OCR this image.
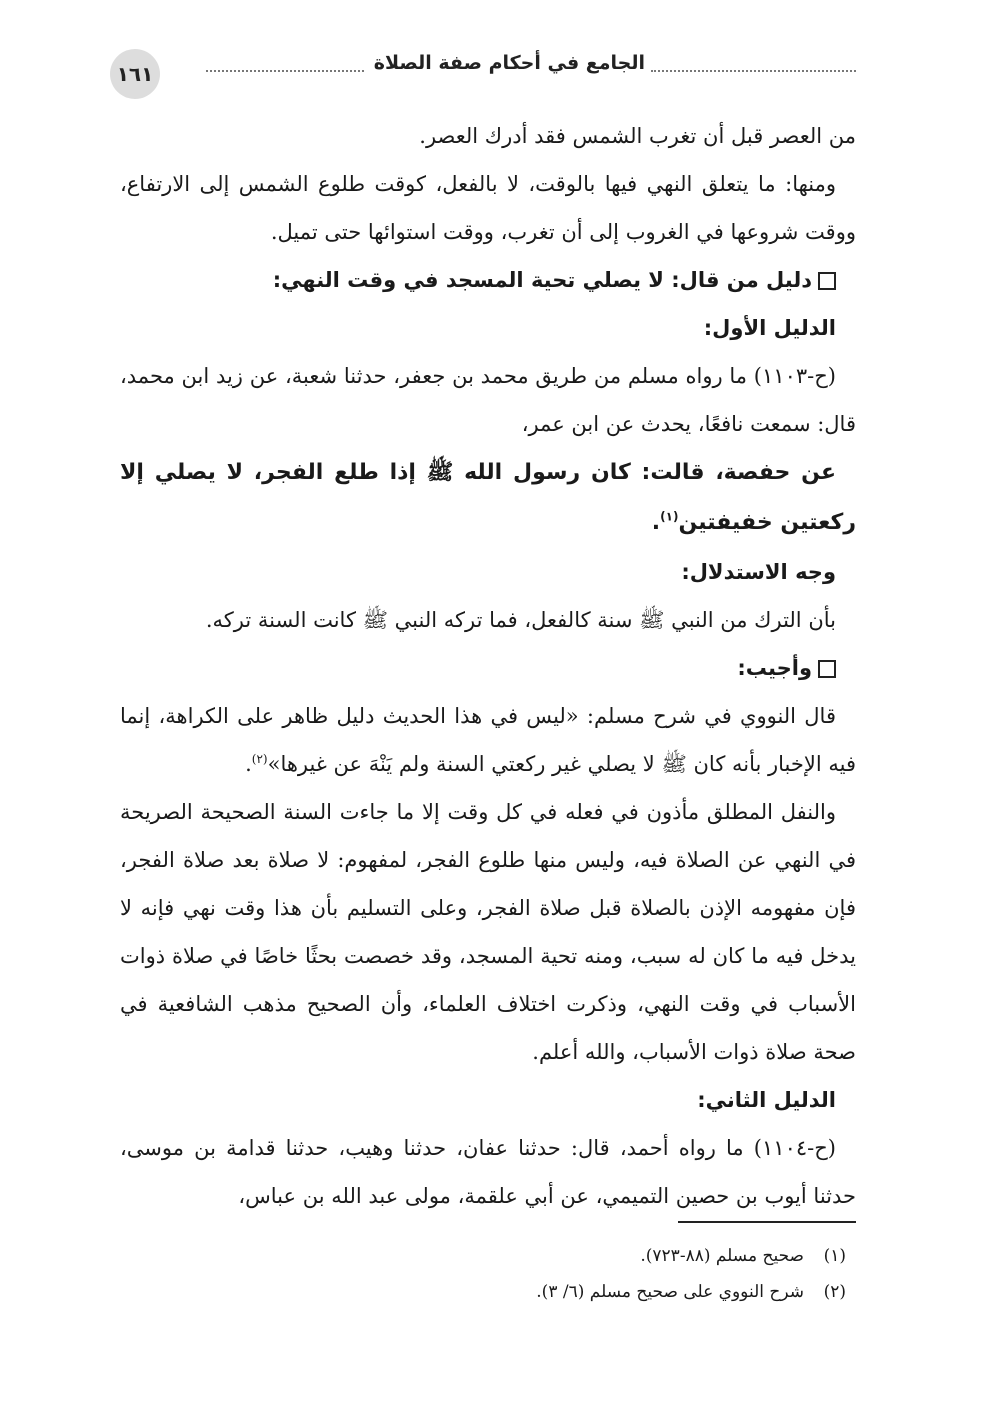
١٦١	الجامع في أحكام صفة الصلاة

من العصر قبل أن تغرب الشمس فقد أدرك العصر.

ومنها: ما يتعلق النهي فيها بالوقت، لا بالفعل، كوقت طلوع الشمس إلى الارتفاع، ووقت شروعها في الغروب إلى أن تغرب، ووقت استوائها حتى تميل.

دليل من قال: لا يصلي تحية المسجد في وقت النهي:

الدليل الأول:

(ح-١١٠٣) ما رواه مسلم من طريق محمد بن جعفر، حدثنا شعبة، عن زيد ابن محمد، قال: سمعت نافعًا، يحدث عن ابن عمر،

عن حفصة، قالت: كان رسول الله ﷺ إذا طلع الفجر، لا يصلي إلا ركعتين خفيفتين$^{(١)}$.

وجه الاستدلال:

بأن الترك من النبي ﷺ سنة كالفعل، فما تركه النبي ﷺ كانت السنة تركه.

وأجيب:

قال النووي في شرح مسلم: «ليس في هذا الحديث دليل ظاهر على الكراهة، إنما فيه الإخبار بأنه كان ﷺ لا يصلي غير ركعتي السنة ولم يَنْهَ عن غيرها»$^{(٢)}$.

والنفل المطلق مأذون في فعله في كل وقت إلا ما جاءت السنة الصحيحة الصريحة في النهي عن الصلاة فيه، وليس منها طلوع الفجر، لمفهوم: لا صلاة بعد صلاة الفجر، فإن مفهومه الإذن بالصلاة قبل صلاة الفجر، وعلى التسليم بأن هذا وقت نهي فإنه لا يدخل فيه ما كان له سبب، ومنه تحية المسجد، وقد خصصت بحثًا خاصًا في صلاة ذوات الأسباب في وقت النهي، وذكرت اختلاف العلماء، وأن الصحيح مذهب الشافعية في صحة صلاة ذوات الأسباب، والله أعلم.

الدليل الثاني:

(ح-١١٠٤) ما رواه أحمد، قال: حدثنا عفان، حدثنا وهيب، حدثنا قدامة بن موسى، حدثنا أيوب بن حصين التميمي، عن أبي علقمة، مولى عبد الله بن عباس،

(١)صحيح مسلم (٨٨-٧٢٣).
(٢)شرح النووي على صحيح مسلم (٦/ ٣).
